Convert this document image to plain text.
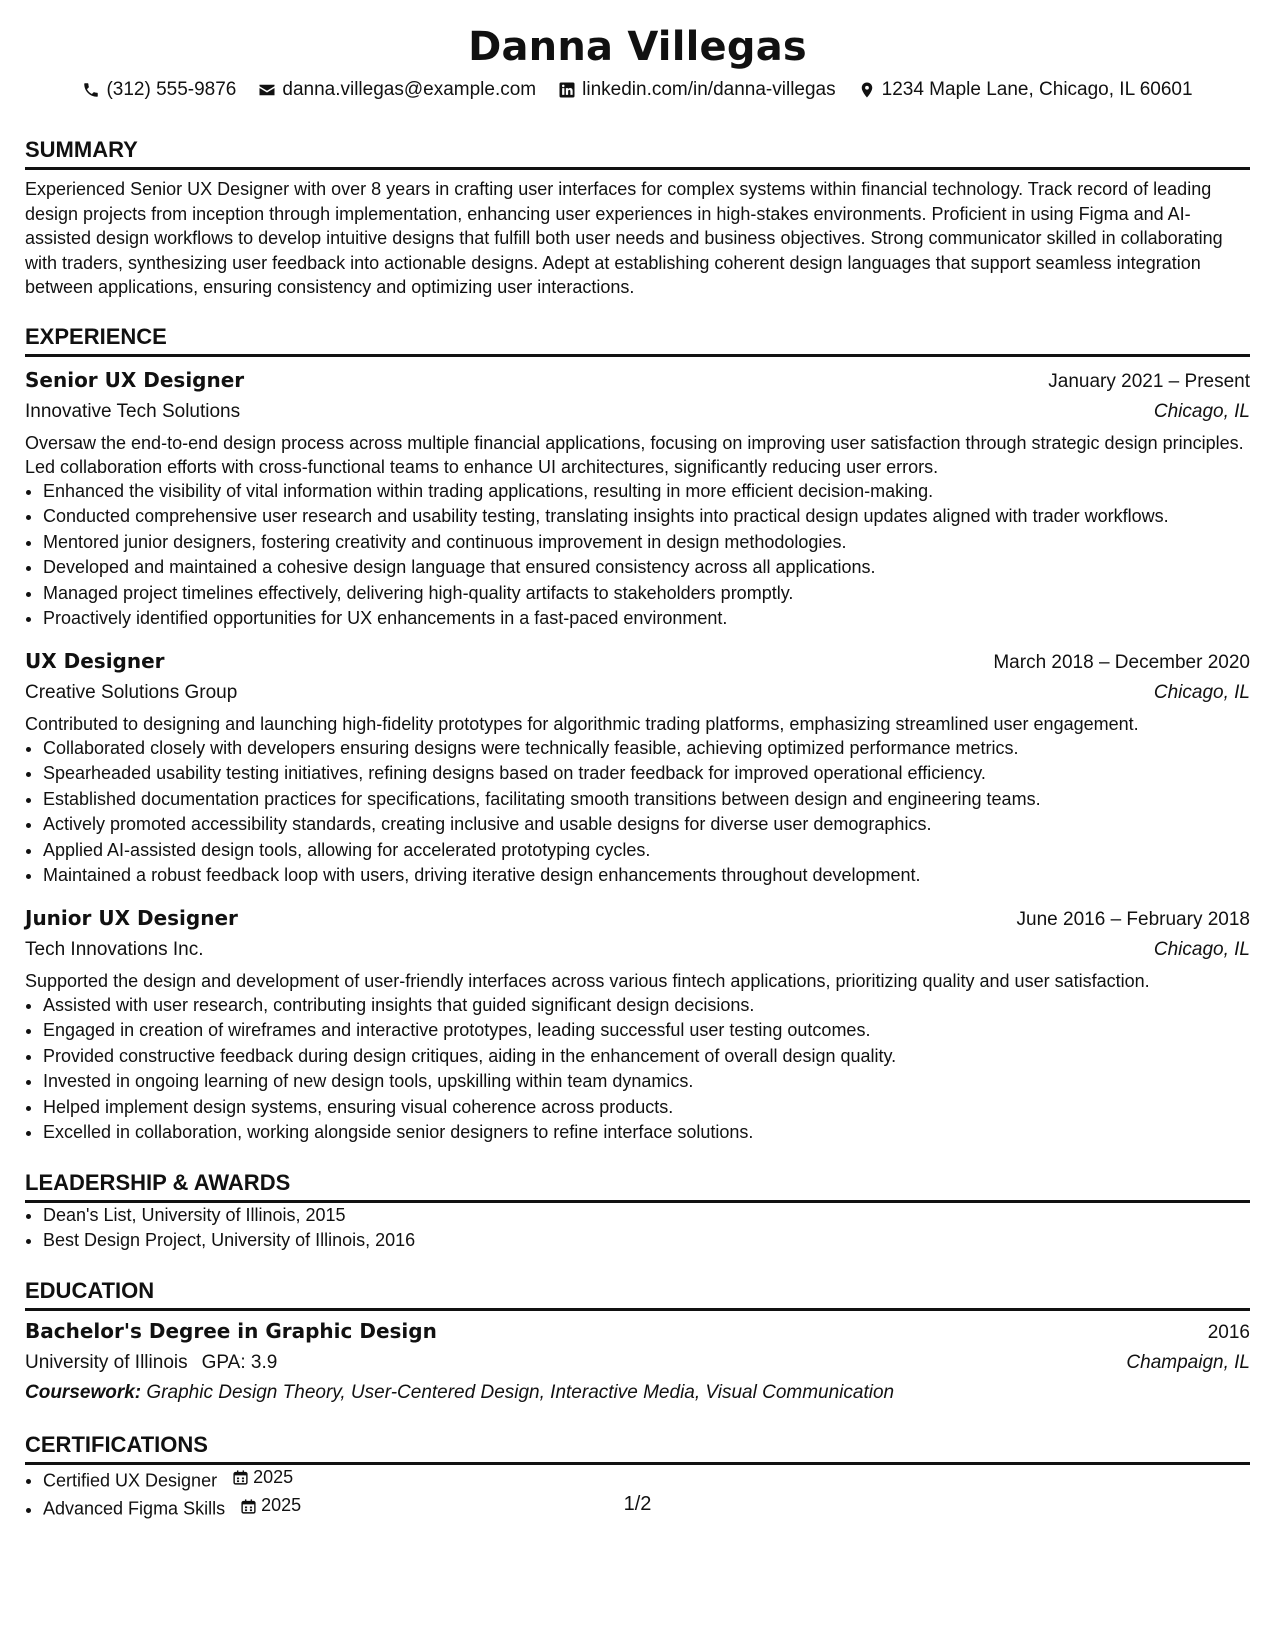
Danna Villegas
(312) 555-9876 danna.villegas@example.com linkedin.com/in/danna-villegas 1234 Maple Lane, Chicago, IL 60601
SUMMARY
Experienced Senior UX Designer with over 8 years in crafting user interfaces for complex systems within financial technology. Track record of leading design projects from inception through implementation, enhancing user experiences in high-stakes environments. Proficient in using Figma and AI-assisted design workflows to develop intuitive designs that fulfill both user needs and business objectives. Strong communicator skilled in collaborating with traders, synthesizing user feedback into actionable designs. Adept at establishing coherent design languages that support seamless integration between applications, ensuring consistency and optimizing user interactions.
EXPERIENCE
Senior UX Designer	January 2021 – Present
Innovative Tech Solutions	Chicago, IL
Oversaw the end-to-end design process across multiple financial applications, focusing on improving user satisfaction through strategic design principles. Led collaboration efforts with cross-functional teams to enhance UI architectures, significantly reducing user errors.
• Enhanced the visibility of vital information within trading applications, resulting in more efficient decision-making.
• Conducted comprehensive user research and usability testing, translating insights into practical design updates aligned with trader workflows.
• Mentored junior designers, fostering creativity and continuous improvement in design methodologies.
• Developed and maintained a cohesive design language that ensured consistency across all applications.
• Managed project timelines effectively, delivering high-quality artifacts to stakeholders promptly.
• Proactively identified opportunities for UX enhancements in a fast-paced environment.
UX Designer	March 2018 – December 2020
Creative Solutions Group	Chicago, IL
Contributed to designing and launching high-fidelity prototypes for algorithmic trading platforms, emphasizing streamlined user engagement.
• Collaborated closely with developers ensuring designs were technically feasible, achieving optimized performance metrics.
• Spearheaded usability testing initiatives, refining designs based on trader feedback for improved operational efficiency.
• Established documentation practices for specifications, facilitating smooth transitions between design and engineering teams.
• Actively promoted accessibility standards, creating inclusive and usable designs for diverse user demographics.
• Applied AI-assisted design tools, allowing for accelerated prototyping cycles.
• Maintained a robust feedback loop with users, driving iterative design enhancements throughout development.
Junior UX Designer	June 2016 – February 2018
Tech Innovations Inc.	Chicago, IL
Supported the design and development of user-friendly interfaces across various fintech applications, prioritizing quality and user satisfaction.
• Assisted with user research, contributing insights that guided significant design decisions.
• Engaged in creation of wireframes and interactive prototypes, leading successful user testing outcomes.
• Provided constructive feedback during design critiques, aiding in the enhancement of overall design quality.
• Invested in ongoing learning of new design tools, upskilling within team dynamics.
• Helped implement design systems, ensuring visual coherence across products.
• Excelled in collaboration, working alongside senior designers to refine interface solutions.
LEADERSHIP & AWARDS
• Dean's List, University of Illinois, 2015
• Best Design Project, University of Illinois, 2016
EDUCATION
Bachelor's Degree in Graphic Design	2016
University of Illinois GPA: 3.9	Champaign, IL
Coursework: Graphic Design Theory, User-Centered Design, Interactive Media, Visual Communication
CERTIFICATIONS
• Certified UX Designer 2025
• Advanced Figma Skills 2025	1/2
